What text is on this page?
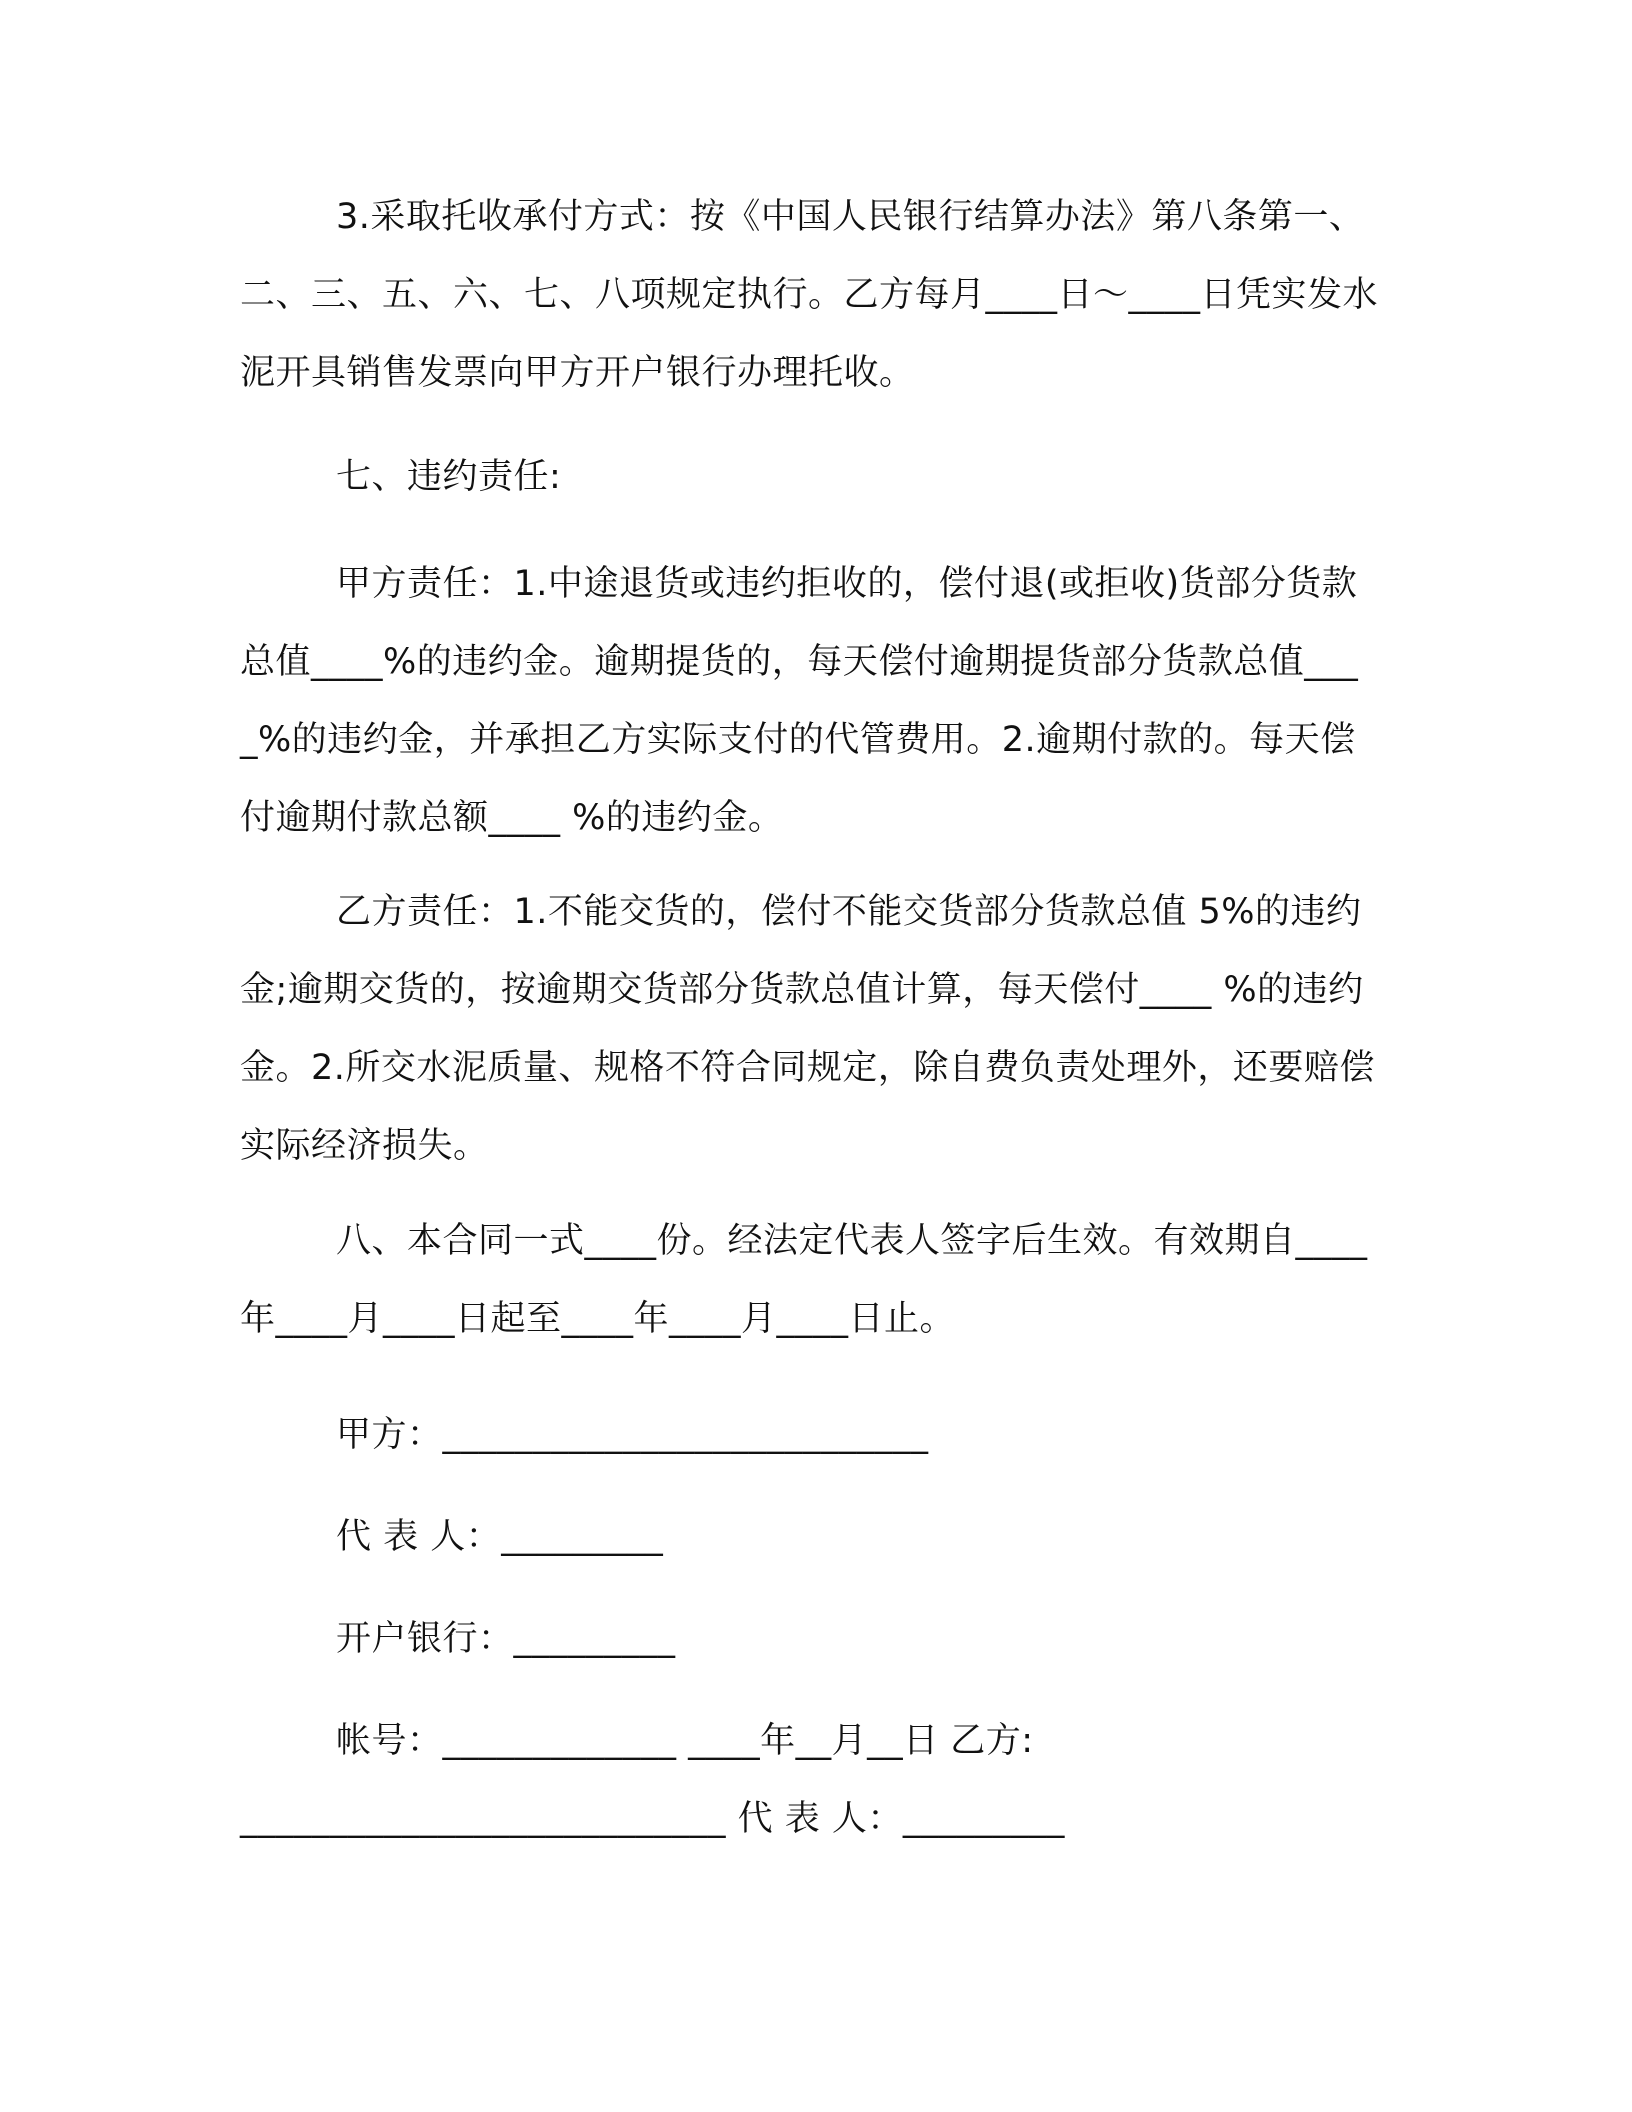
3.采取托收承付方式：按《中国人民银行结算办法》第八条第一、二、三、五、六、七、八项规定执行。乙方每月____日～____日凭实发水泥开具销售发票向甲方开户银行办理托收。

七、违约责任:

甲方责任：1.中途退货或违约拒收的，偿付退(或拒收)货部分货款总值____%的违约金。逾期提货的，每天偿付逾期提货部分货款总值____%的违约金，并承担乙方实际支付的代管费用。2.逾期付款的。每天偿付逾期付款总额____ %的违约金。

乙方责任：1.不能交货的，偿付不能交货部分货款总值 5%的违约金;逾期交货的，按逾期交货部分货款总值计算，每天偿付____ %的违约金。2.所交水泥质量、规格不符合同规定，除自费负责处理外，还要赔偿实际经济损失。

八、本合同一式____份。经法定代表人签字后生效。有效期自____年____月____日起至____年____月____日止。

甲方：___________________________

代 表 人：_________

开户银行：_________

帐号：_____________ ____年__月__日 乙方:

___________________________ 代 表 人：_________
